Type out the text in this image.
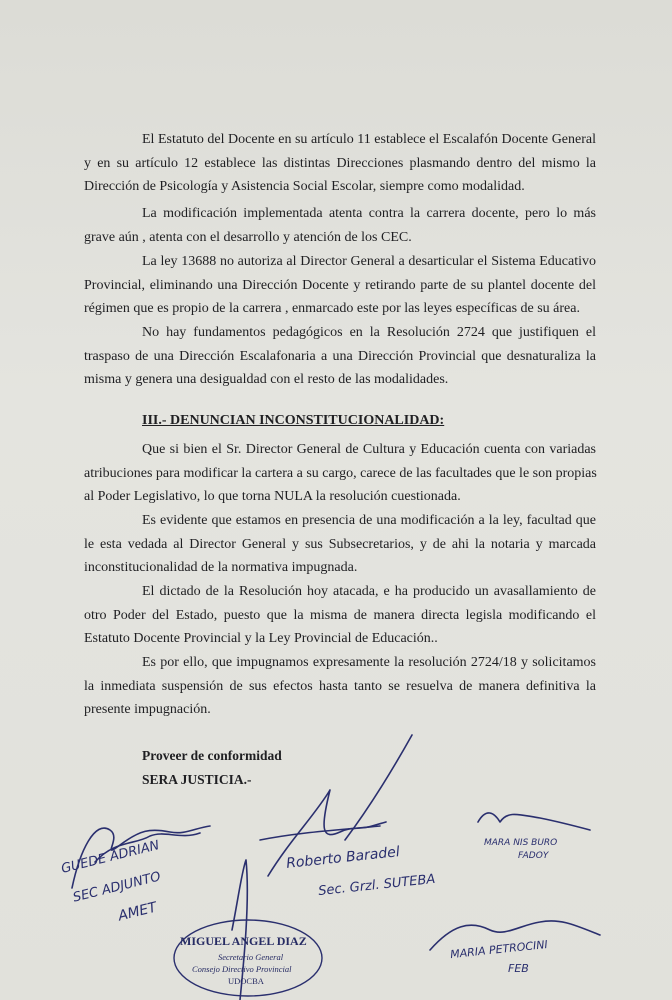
El Estatuto del Docente en su artículo 11 establece el Escalafón Docente General
y en su artículo 12 establece las distintas Direcciones plasmando dentro del mismo la
Dirección de Psicología y Asistencia Social Escolar, siempre como modalidad.
La modificación implementada atenta contra la carrera docente, pero lo más
grave aún , atenta con el desarrollo y atención de los CEC.
La ley 13688 no autoriza al Director General a desarticular el Sistema Educativo
Provincial, eliminando una Dirección Docente y retirando parte de su plantel docente del
régimen que es propio de la carrera , enmarcado este por las leyes específicas de su área.
No hay fundamentos pedagógicos en la Resolución 2724 que justifiquen el
traspaso de una Dirección Escalafonaria a una Dirección Provincial que desnaturaliza la
misma y genera una desigualdad con el resto de las modalidades.

III.- DENUNCIAN INCONSTITUCIONALIDAD:

Que si bien el Sr. Director General de Cultura y Educación cuenta con variadas
atribuciones para modificar la cartera a su cargo, carece de las facultades que le son propias
al Poder Legislativo, lo que torna NULA la resolución cuestionada.
Es evidente que estamos en presencia de una modificación a la ley, facultad que
le esta vedada al Director General y sus Subsecretarios, y de ahi la notaria y marcada
inconstitucionalidad de la normativa impugnada.
El dictado de la Resolución hoy atacada, e ha producido un avasallamiento de
otro Poder del Estado, puesto que la misma de manera directa legisla modificando el
Estatuto Docente Provincial y la Ley Provincial de Educación..
Es por ello, que impugnamos expresamente la resolución 2724/18 y solicitamos
la inmediata suspensión de sus efectos hasta tanto se resuelva de manera definitiva la
presente impugnación.

Proveer de conformidad

SERA JUSTICIA.-

GUEDE ADRIAN
SEC ADJUNTO
AMET
Roberto Baradel
Sec. Grzl. SUTEBA
MARA NIS BURO
FADOY
MARIA PETROCINI
FEB
MIGUEL ANGEL DIAZ
Secretario General
Consejo Directivo Provincial
UDOCBA
